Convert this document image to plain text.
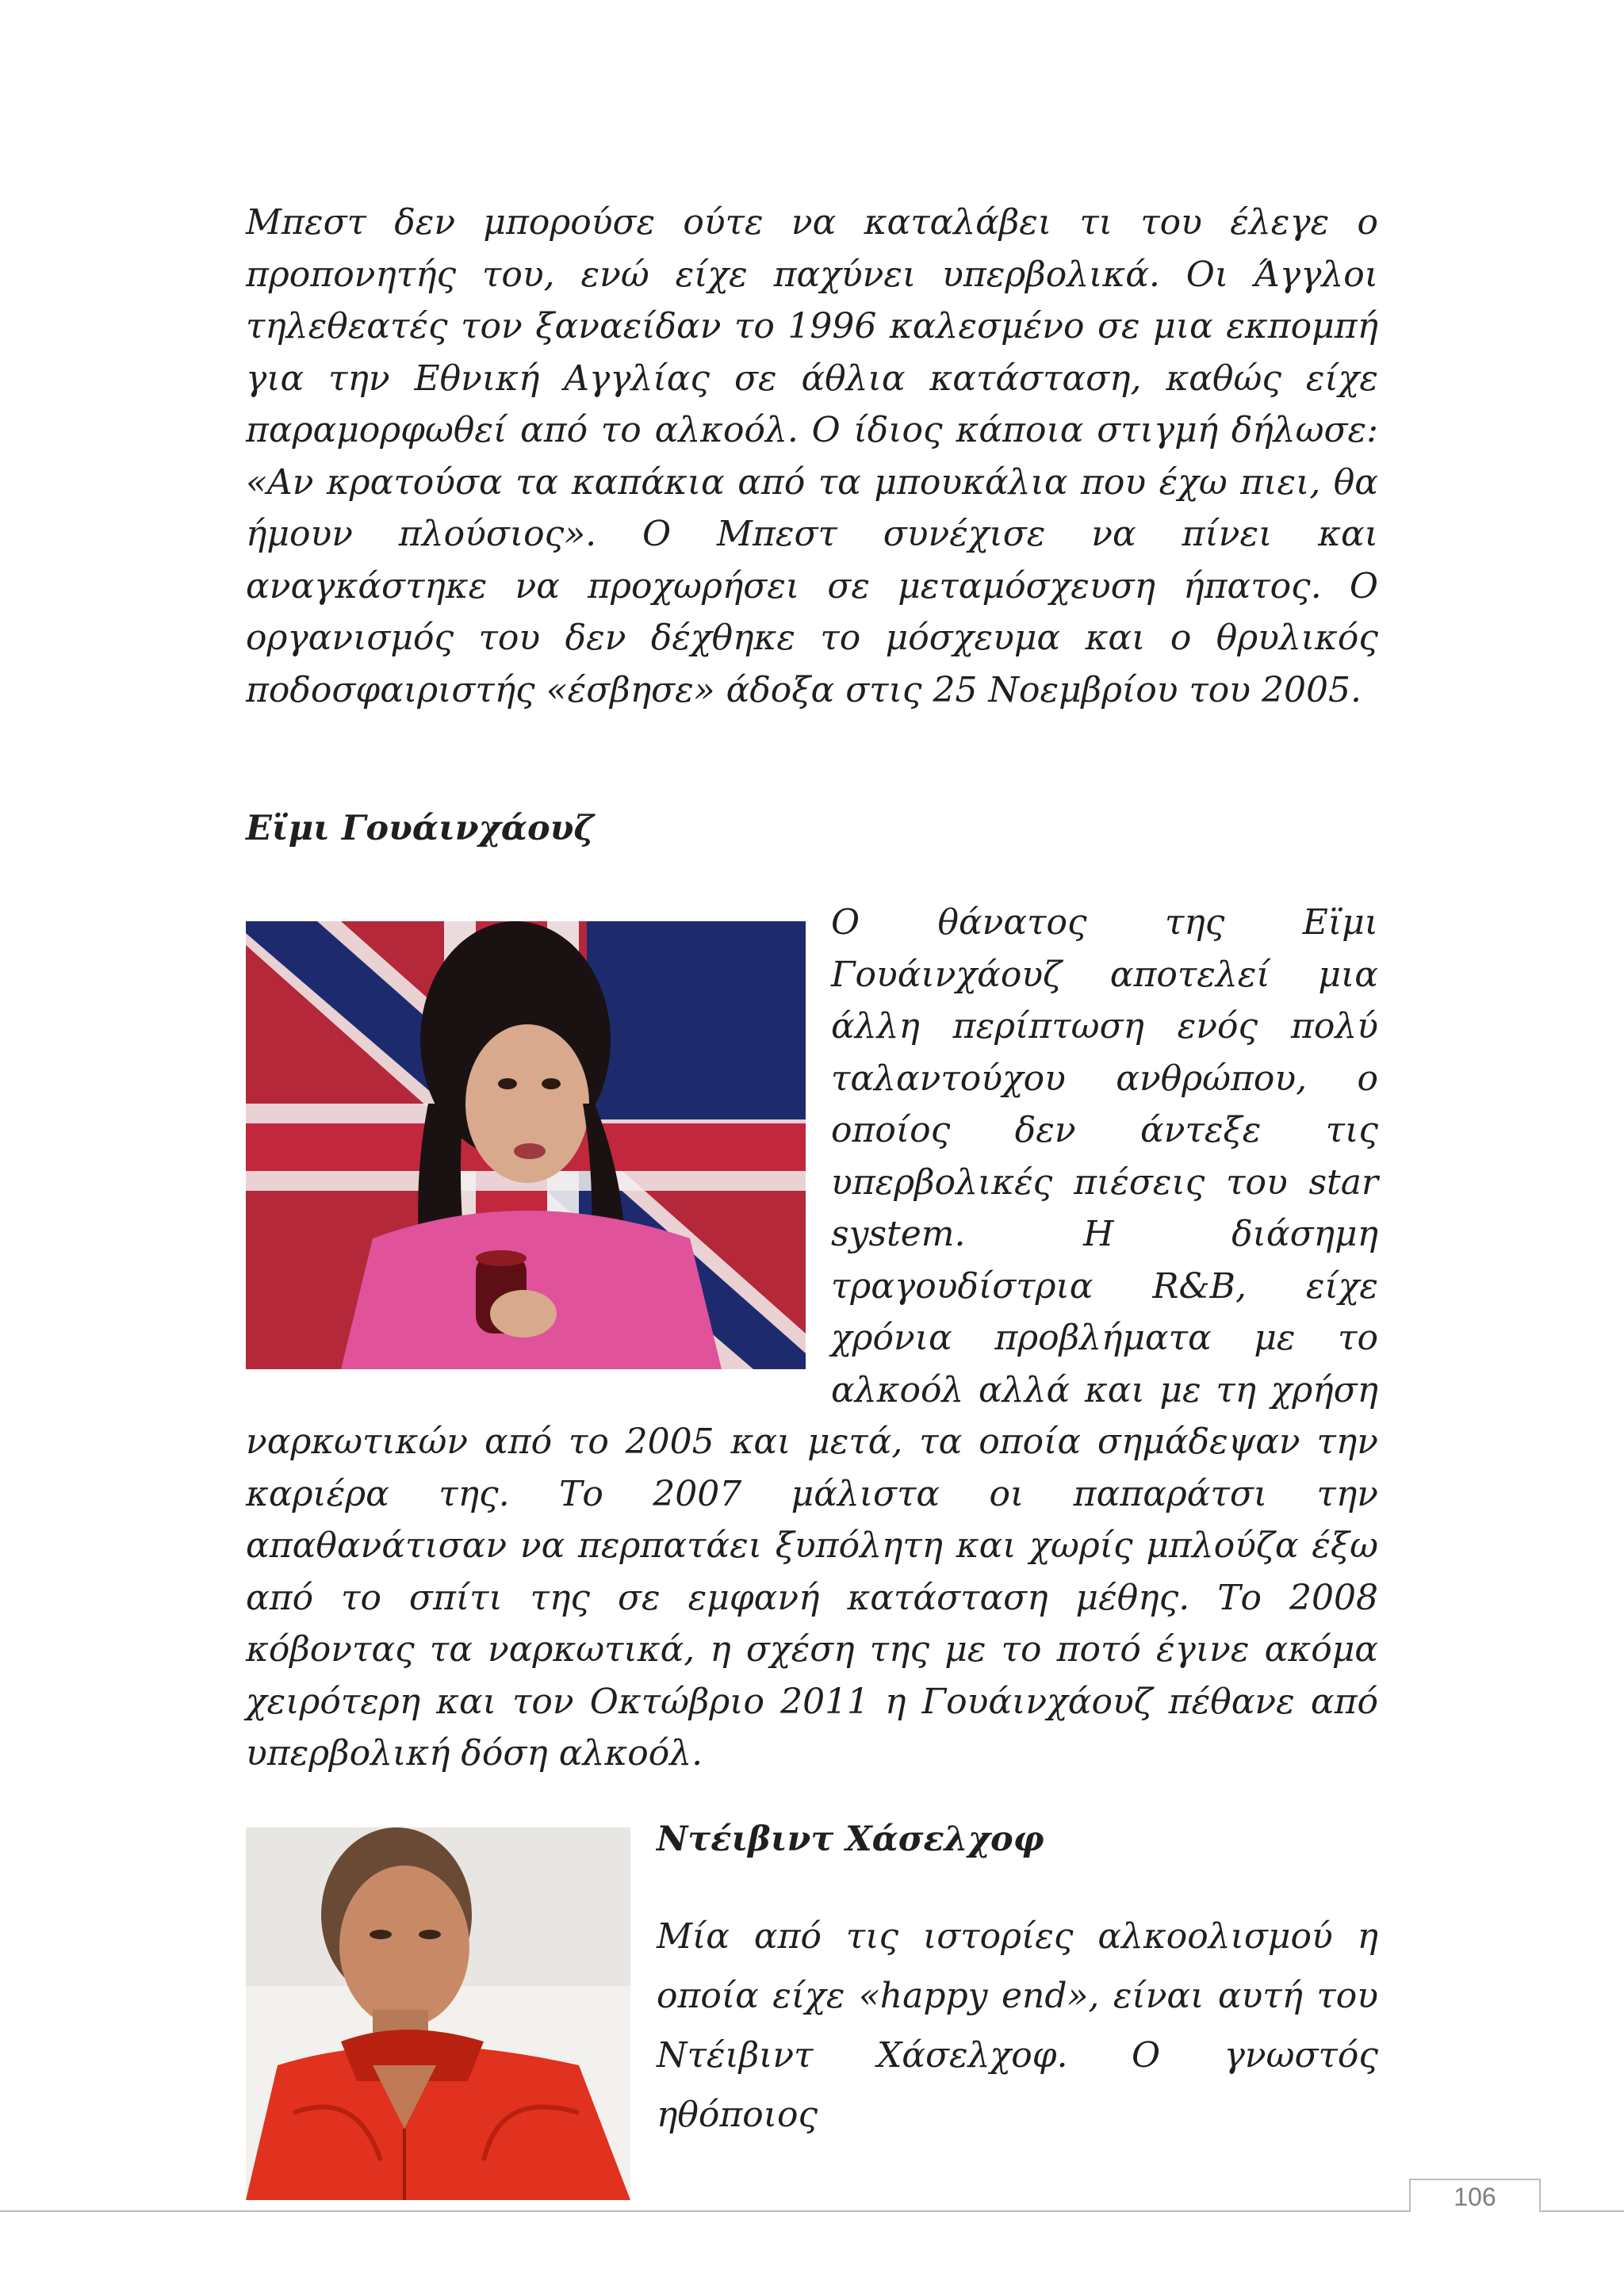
Μπεστ δεν μπορούσε ούτε να καταλάβει τι του έλεγε ο προπονητής του, ενώ είχε παχύνει υπερβολικά. Οι Άγγλοι τηλεθεατές τον ξαναείδαν το 1996 καλεσμένο σε μια εκπομπή για την Εθνική Αγγλίας σε άθλια κατάσταση, καθώς είχε παραμορφωθεί από το αλκοόλ. Ο ίδιος κάποια στιγμή δήλωσε: «Αν κρατούσα τα καπάκια από τα μπουκάλια που έχω πιει, θα ήμουν πλούσιος». Ο Μπεστ συνέχισε να πίνει και αναγκάστηκε να προχωρήσει σε μεταμόσχευση ήπατος. Ο οργανισμός του δεν δέχθηκε το μόσχευμα και ο θρυλικός ποδοσφαιριστής «έσβησε» άδοξα στις 25 Νοεμβρίου του 2005.

Εϊμι Γουάινχάουζ
Ο θάνατος της Εϊμι Γουάινχάουζ αποτελεί μια άλλη περίπτωση ενός πολύ ταλαντούχου ανθρώπου, ο οποίος δεν άντεξε τις υπερβολικές πιέσεις του star system. Η διάσημη τραγουδίστρια R&B, είχε χρόνια προβλήματα με το αλκοόλ αλλά και με τη χρήση ναρκωτικών από το 2005 και μετά, τα οποία σημάδεψαν την καριέρα της. Το 2007 μάλιστα οι παπαράτσι την απαθανάτισαν να περπατάει ξυπόλητη και χωρίς μπλούζα έξω από το σπίτι της σε εμφανή κατάσταση μέθης. Το 2008 κόβοντας τα ναρκωτικά, η σχέση της με το ποτό έγινε ακόμα χειρότερη και τον Οκτώβριο 2011 η Γουάινχάουζ πέθανε από υπερβολική δόση αλκοόλ.
Ντέιβιντ Χάσελχοφ

Μία από τις ιστορίες αλκοολισμού η οποία είχε «happy end», είναι αυτή του Ντέιβιντ Χάσελχοφ. Ο γνωστός ηθόποιος

106
